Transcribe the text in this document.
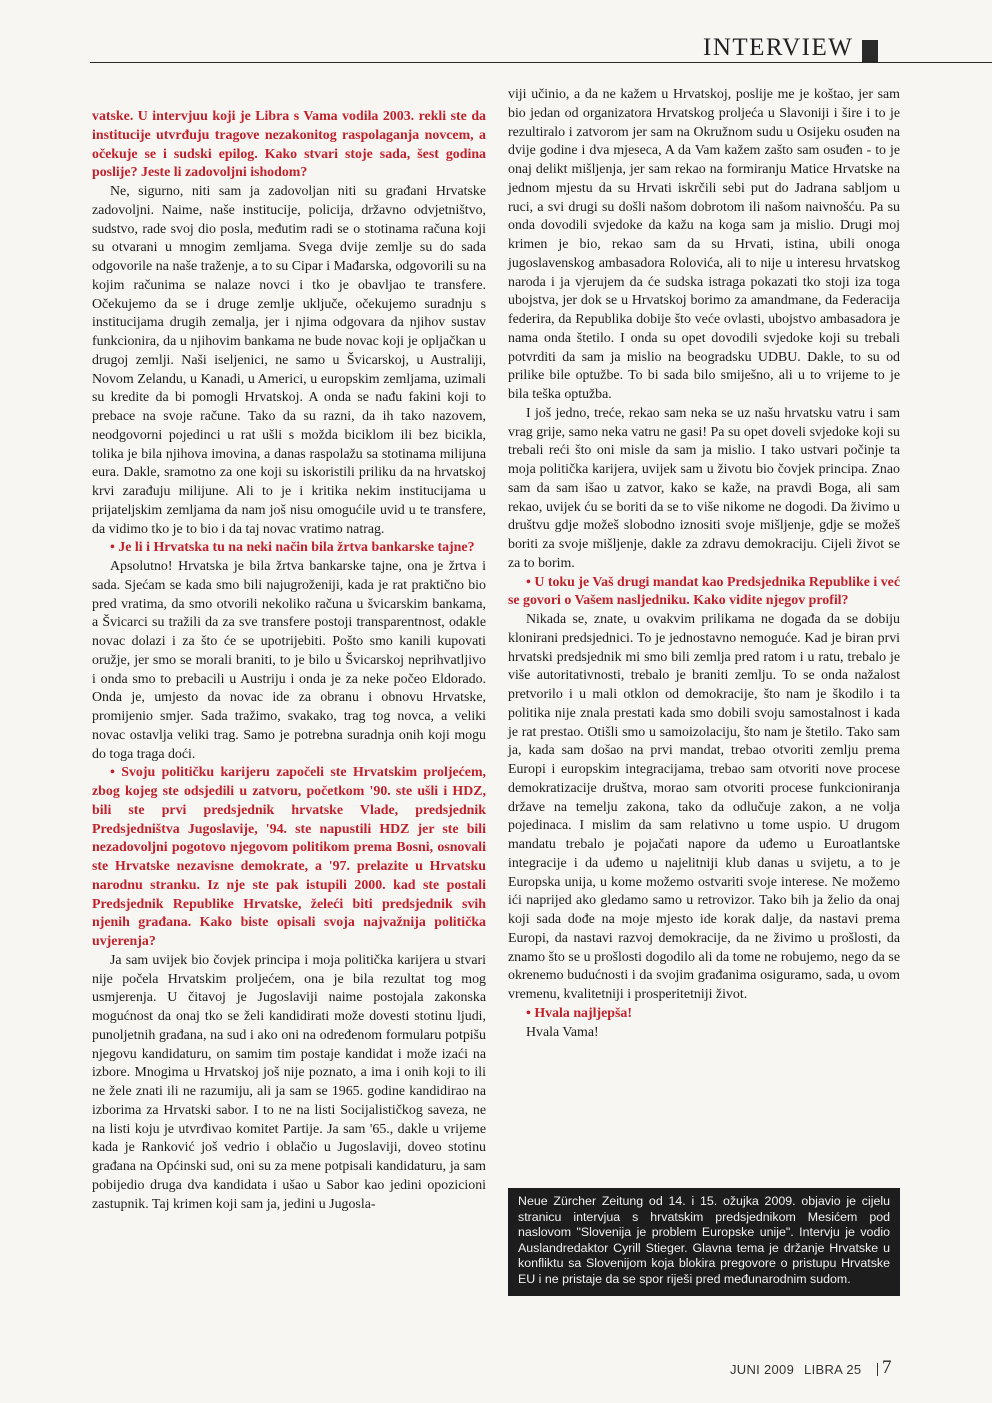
INTERVIEW

vatske. U intervjuu koji je Libra s Vama vodila 2003. rekli ste da institucije utvrđuju tragove nezakonitog raspolaganja novcem, a očekuje se i sudski epilog. Kako stvari stoje sada, šest godina poslije? Jeste li zadovoljni ishodom?

Ne, sigurno, niti sam ja zadovoljan niti su građani Hrvatske zadovoljni. Naime, naše institucije, policija, državno odvjetništvo, sudstvo, rade svoj dio posla, međutim radi se o stotinama računa koji su otvarani u mnogim zemljama. Svega dvije zemlje su do sada odgovorile na naše traženje, a to su Cipar i Mađarska, odgovorili su na kojim računima se nalaze novci i tko je obavljao te transfere. Očekujemo da se i druge zemlje uključe, očekujemo suradnju s institucijama drugih zemalja, jer i njima odgovara da njihov sustav funkcionira, da u njihovim bankama ne bude novac koji je opljačkan u drugoj zemlji. Naši iseljenici, ne samo u Švicarskoj, u Australiji, Novom Zelandu, u Kanadi, u Americi, u europskim zemljama, uzimali su kredite da bi pomogli Hrvatskoj. A onda se nađu fakini koji to prebace na svoje račune. Tako da su razni, da ih tako nazovem, neodgovorni pojedinci u rat ušli s možda biciklom ili bez bicikla, tolika je bila njihova imovina, a danas raspolažu sa stotinama milijuna eura. Dakle, sramotno za one koji su iskoristili priliku da na hrvatskoj krvi zarađuju milijune. Ali to je i kritika nekim institucijama u prijateljskim zemljama da nam još nisu omogućile uvid u te transfere, da vidimo tko je to bio i da taj novac vratimo natrag.

• Je li i Hrvatska tu na neki način bila žrtva bankarske tajne?

Apsolutno! Hrvatska je bila žrtva bankarske tajne, ona je žrtva i sada. Sjećam se kada smo bili najugroženiji, kada je rat praktično bio pred vratima, da smo otvorili nekoliko računa u švicarskim bankama, a Švicarci su tražili da za sve transfere postoji transparentnost, odakle novac dolazi i za što će se upotrijebiti. Pošto smo kanili kupovati oružje, jer smo se morali braniti, to je bilo u Švicarskoj neprihvatljivo i onda smo to prebacili u Austriju i onda je za neke počeo Eldorado. Onda je, umjesto da novac ide za obranu i obnovu Hrvatske, promijenio smjer. Sada tražimo, svakako, trag tog novca, a veliki novac ostavlja veliki trag. Samo je potrebna suradnja onih koji mogu do toga traga doći.

• Svoju političku karijeru započeli ste Hrvatskim proljećem, zbog kojeg ste odsjedili u zatvoru, početkom '90. ste ušli i HDZ, bili ste prvi predsjednik hrvatske Vlade, predsjednik Predsjedništva Jugoslavije, '94. ste napustili HDZ jer ste bili nezadovoljni pogotovo njegovom politikom prema Bosni, osnovali ste Hrvatske nezavisne demokrate, a '97. prelazite u Hrvatsku narodnu stranku. Iz nje ste pak istupili 2000. kad ste postali Predsjednik Republike Hrvatske, želeći biti predsjednik svih njenih građana. Kako biste opisali svoja najvažnija politička uvjerenja?

Ja sam uvijek bio čovjek principa i moja politička karijera u stvari nije počela Hrvatskim proljećem, ona je bila rezultat tog mog usmjerenja. U čitavoj je Jugoslaviji naime postojala zakonska mogućnost da onaj tko se želi kandidirati može dovesti stotinu ljudi, punoljetnih građana, na sud i ako oni na određenom formularu potpišu njegovu kandidaturu, on samim tim postaje kandidat i može izaći na izbore. Mnogima u Hrvatskoj još nije poznato, a ima i onih koji to ili ne žele znati ili ne razumiju, ali ja sam se 1965. godine kandidirao na izborima za Hrvatski sabor. I to ne na listi Socijalističkog saveza, ne na listi koju je utvrđivao komitet Partije. Ja sam '65., dakle u vrijeme kada je Ranković još vedrio i oblačio u Jugoslaviji, doveo stotinu građana na Općinski sud, oni su za mene potpisali kandidaturu, ja sam pobijedio druga dva kandidata i ušao u Sabor kao jedini opozicioni zastupnik. Taj krimen koji sam ja, jedini u Jugosla-

viji učinio, a da ne kažem u Hrvatskoj, poslije me je koštao, jer sam bio jedan od organizatora Hrvatskog proljeća u Slavoniji i šire i to je rezultiralo i zatvorom jer sam na Okružnom sudu u Osijeku osuđen na dvije godine i dva mjeseca, A da Vam kažem zašto sam osuđen - to je onaj delikt mišljenja, jer sam rekao na formiranju Matice Hrvatske na jednom mjestu da su Hrvati iskrčili sebi put do Jadrana sabljom u ruci, a svi drugi su došli našom dobrotom ili našom naivnošću. Pa su onda dovodili svjedoke da kažu na koga sam ja mislio. Drugi moj krimen je bio, rekao sam da su Hrvati, istina, ubili onoga jugoslavenskog ambasadora Rolovića, ali to nije u interesu hrvatskog naroda i ja vjerujem da će sudska istraga pokazati tko stoji iza toga ubojstva, jer dok se u Hrvatskoj borimo za amandmane, da Federacija federira, da Republika dobije što veće ovlasti, ubojstvo ambasadora je nama onda štetilo. I onda su opet dovodili svjedoke koji su trebali potvrditi da sam ja mislio na beogradsku UDBU. Dakle, to su od prilike bile optužbe. To bi sada bilo smiješno, ali u to vrijeme to je bila teška optužba.

I još jedno, treće, rekao sam neka se uz našu hrvatsku vatru i sam vrag grije, samo neka vatru ne gasi! Pa su opet doveli svjedoke koji su trebali reći što oni misle da sam ja mislio. I tako ustvari počinje ta moja politička karijera, uvijek sam u životu bio čovjek principa. Znao sam da sam išao u zatvor, kako se kaže, na pravdi Boga, ali sam rekao, uvijek ću se boriti da se to više nikome ne dogodi. Da živimo u društvu gdje možeš slobodno iznositi svoje mišljenje, gdje se možeš boriti za svoje mišljenje, dakle za zdravu demokraciju. Cijeli život se za to borim.

• U toku je Vaš drugi mandat kao Predsjednika Republike i već se govori o Vašem nasljedniku. Kako vidite njegov profil?

Nikada se, znate, u ovakvim prilikama ne događa da se dobiju klonirani predsjednici. To je jednostavno nemoguće. Kad je biran prvi hrvatski predsjednik mi smo bili zemlja pred ratom i u ratu, trebalo je više autoritativnosti, trebalo je braniti zemlju. To se onda nažalost pretvorilo i u mali otklon od demokracije, što nam je škodilo i ta politika nije znala prestati kada smo dobili svoju samostalnost i kada je rat prestao. Otišli smo u samoizolaciju, što nam je štetilo. Tako sam ja, kada sam došao na prvi mandat, trebao otvoriti zemlju prema Europi i europskim integracijama, trebao sam otvoriti nove procese demokratizacije društva, morao sam otvoriti procese funkcioniranja države na temelju zakona, tako da odlučuje zakon, a ne volja pojedinaca. I mislim da sam relativno u tome uspio. U drugom mandatu trebalo je pojačati napore da uđemo u Euroatlantske integracije i da uđemo u najelitniji klub danas u svijetu, a to je Europska unija, u kome možemo ostvariti svoje interese. Ne možemo ići naprijed ako gledamo samo u retrovizor. Tako bih ja želio da onaj koji sada dođe na moje mjesto ide korak dalje, da nastavi prema Europi, da nastavi razvoj demokracije, da ne živimo u prošlosti, da znamo što se u prošlosti dogodilo ali da tome ne robujemo, nego da se okrenemo budućnosti i da svojim građanima osiguramo, sada, u ovom vremenu, kvalitetniji i prosperitetniji život.

• Hvala najljepša!

Hvala Vama!

Neue Zürcher Zeitung od 14. i 15. ožujka 2009. objavio je cijelu stranicu intervjua s hrvatskim predsjednikom Mesićem pod naslovom "Slovenija je problem Europske unije". Intervju je vodio Auslandredaktor Cyrill Stieger. Glavna tema je držanje Hrvatske u konfliktu sa Slovenijom koja blokira pregovore o pristupu Hrvatske EU i ne pristaje da se spor riješi pred međunarodnim sudom.
JUNI 2009 LIBRA 25	7
